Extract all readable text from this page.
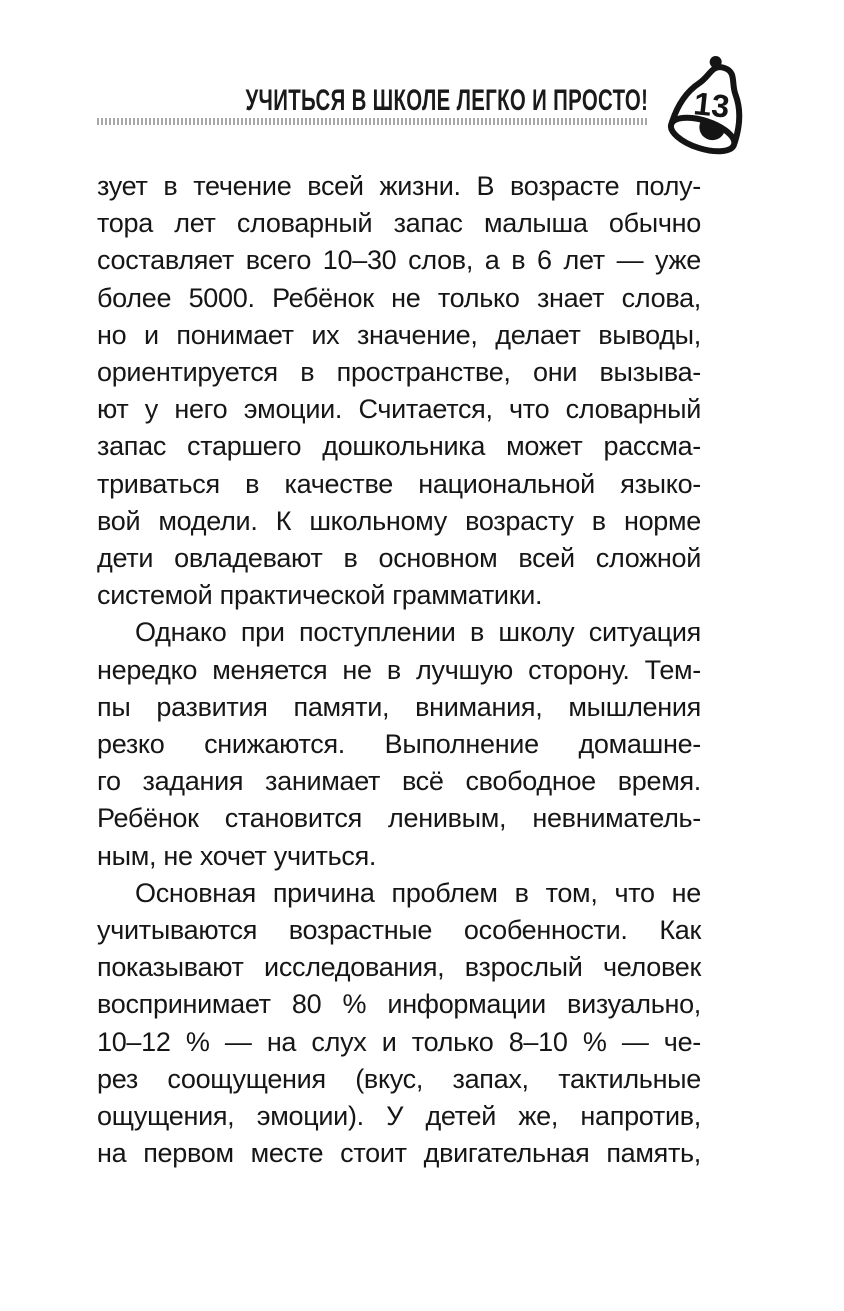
УЧИТЬСЯ В ШКОЛЕ ЛЕГКО И ПРОСТО! 13

зует в течение всей жизни. В возрасте полу-
тора лет словарный запас малыша обычно
составляет всего 10–30 слов, а в 6 лет — уже
более 5000. Ребёнок не только знает слова,
но и понимает их значение, делает выводы,
ориентируется в пространстве, они вызыва-
ют у него эмоции. Считается, что словарный
запас старшего дошкольника может рассма-
триваться в качестве национальной языко-
вой модели. К школьному возрасту в норме
дети овладевают в основном всей сложной
системой практической грамматики.

Однако при поступлении в школу ситуация
нередко меняется не в лучшую сторону. Тем-
пы развития памяти, внимания, мышления
резко снижаются. Выполнение домашне-
го задания занимает всё свободное время.
Ребёнок становится ленивым, невниматель-
ным, не хочет учиться.

Основная причина проблем в том, что не
учитываются возрастные особенности. Как
показывают исследования, взрослый человек
воспринимает 80 % информации визуально,
10–12 % — на слух и только 8–10 % — че-
рез соощущения (вкус, запах, тактильные
ощущения, эмоции). У детей же, напротив,
на первом месте стоит двигательная память,
